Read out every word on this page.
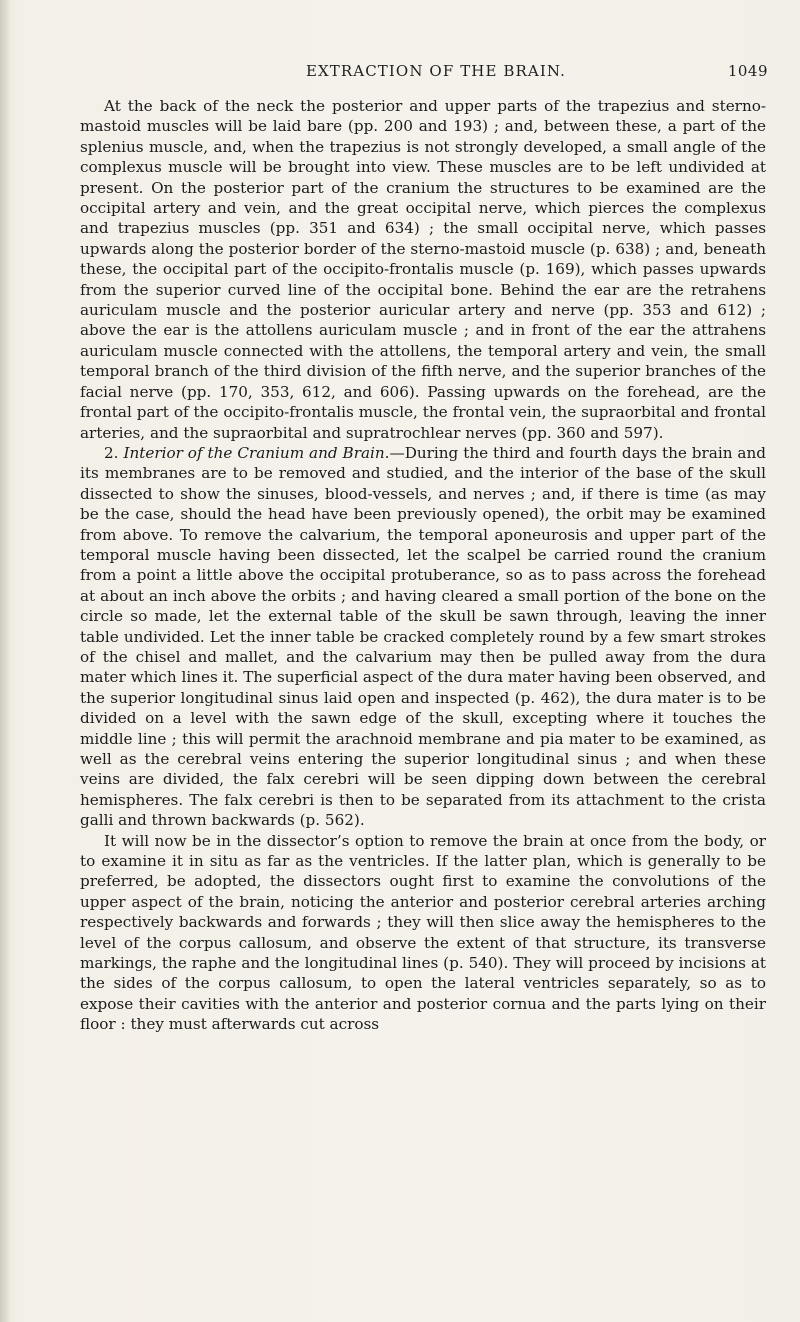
EXTRACTION OF THE BRAIN.	1049

At the back of the neck the posterior and upper parts of the trapezius and sterno-mastoid muscles will be laid bare (pp. 200 and 193) ; and, between these, a part of the splenius muscle, and, when the trapezius is not strongly developed, a small angle of the complexus muscle will be brought into view. These muscles are to be left undivided at present. On the posterior part of the cranium the structures to be examined are the occipital artery and vein, and the great occipital nerve, which pierces the complexus and trapezius muscles (pp. 351 and 634) ; the small occipital nerve, which passes upwards along the posterior border of the sterno-mastoid muscle (p. 638) ; and, beneath these, the occipital part of the occipito-frontalis muscle (p. 169), which passes upwards from the superior curved line of the occipital bone. Behind the ear are the retrahens auriculam muscle and the posterior auricular artery and nerve (pp. 353 and 612) ; above the ear is the attollens auriculam muscle ; and in front of the ear the attrahens auriculam muscle connected with the attollens, the temporal artery and vein, the small temporal branch of the third division of the fifth nerve, and the superior branches of the facial nerve (pp. 170, 353, 612, and 606). Passing upwards on the forehead, are the frontal part of the occipito-frontalis muscle, the frontal vein, the supraorbital and frontal arteries, and the supraorbital and supratrochlear nerves (pp. 360 and 597).

2. Interior of the Cranium and Brain.—During the third and fourth days the brain and its membranes are to be removed and studied, and the interior of the base of the skull dissected to show the sinuses, blood-vessels, and nerves ; and, if there is time (as may be the case, should the head have been previously opened), the orbit may be examined from above. To remove the calvarium, the temporal aponeurosis and upper part of the temporal muscle having been dissected, let the scalpel be carried round the cranium from a point a little above the occipital protuberance, so as to pass across the forehead at about an inch above the orbits ; and having cleared a small portion of the bone on the circle so made, let the external table of the skull be sawn through, leaving the inner table undivided. Let the inner table be cracked completely round by a few smart strokes of the chisel and mallet, and the calvarium may then be pulled away from the dura mater which lines it. The superficial aspect of the dura mater having been observed, and the superior longitudinal sinus laid open and inspected (p. 462), the dura mater is to be divided on a level with the sawn edge of the skull, excepting where it touches the middle line ; this will permit the arachnoid membrane and pia mater to be examined, as well as the cerebral veins entering the superior longitudinal sinus ; and when these veins are divided, the falx cerebri will be seen dipping down between the cerebral hemispheres. The falx cerebri is then to be separated from its attachment to the crista galli and thrown backwards (p. 562).

It will now be in the dissector’s option to remove the brain at once from the body, or to examine it in situ as far as the ventricles. If the latter plan, which is generally to be preferred, be adopted, the dissectors ought first to examine the convolutions of the upper aspect of the brain, noticing the anterior and posterior cerebral arteries arching respectively backwards and forwards ; they will then slice away the hemispheres to the level of the corpus callosum, and observe the extent of that structure, its transverse markings, the raphe and the longitudinal lines (p. 540). They will proceed by incisions at the sides of the corpus callosum, to open the lateral ventricles separately, so as to expose their cavities with the anterior and posterior cornua and the parts lying on their floor : they must afterwards cut across
